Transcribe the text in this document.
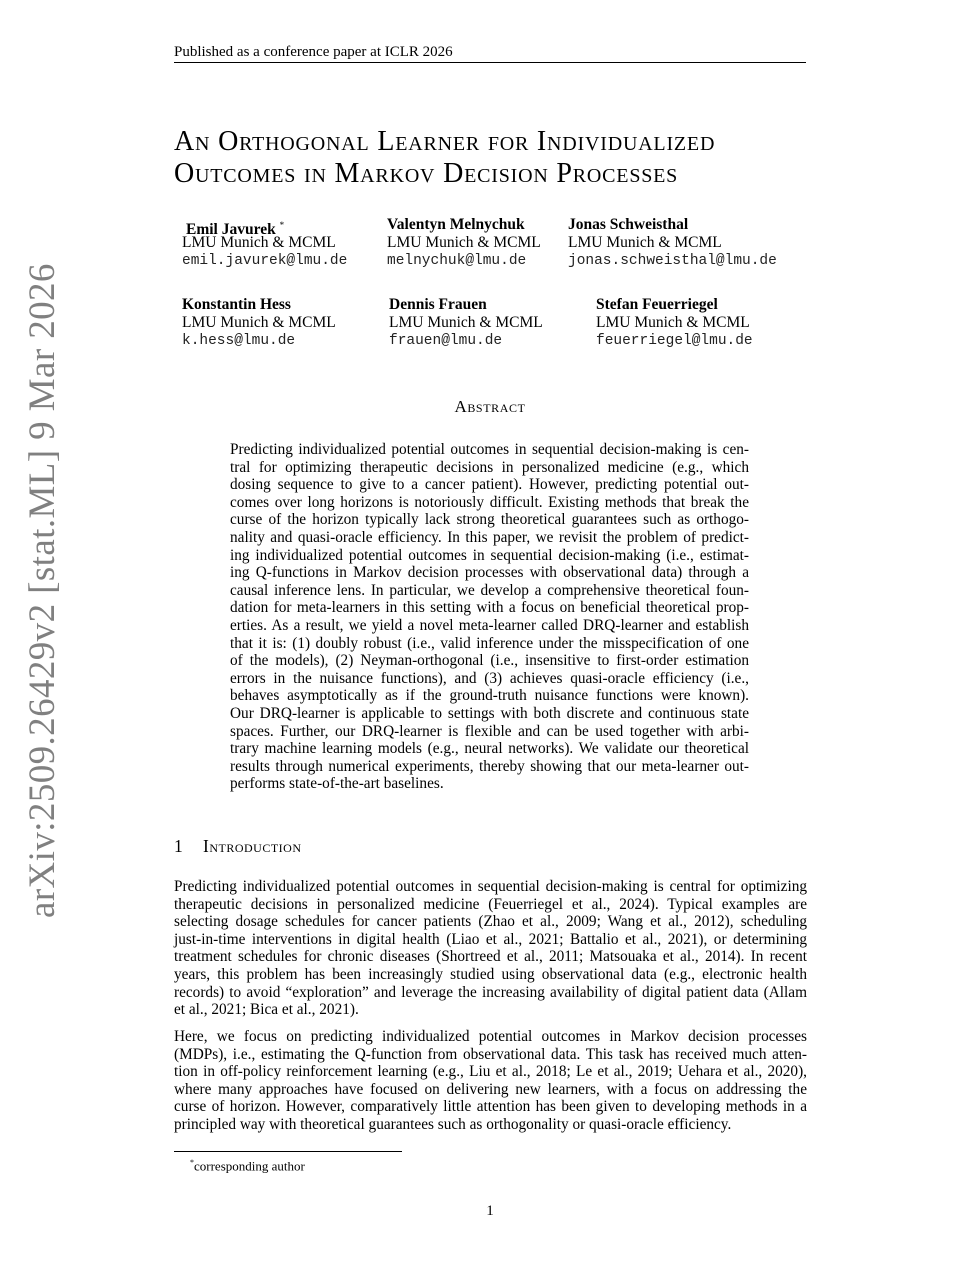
Published as a conference paper at ICLR 2026
arXiv:2509.26429v2 [stat.ML] 9 Mar 2026
An Orthogonal Learner for Individualized
Outcomes in Markov Decision Processes
Emil Javurek *
LMU Munich & MCML
emil.javurek@lmu.de
Valentyn Melnychuk
LMU Munich & MCML
melnychuk@lmu.de
Jonas Schweisthal
LMU Munich & MCML
jonas.schweisthal@lmu.de
Konstantin Hess
LMU Munich & MCML
k.hess@lmu.de
Dennis Frauen
LMU Munich & MCML
frauen@lmu.de
Stefan Feuerriegel
LMU Munich & MCML
feuerriegel@lmu.de
Abstract
Predicting individualized potential outcomes in sequential decision-making is cen-
tral for optimizing therapeutic decisions in personalized medicine (e.g., which
dosing sequence to give to a cancer patient). However, predicting potential out-
comes over long horizons is notoriously difficult. Existing methods that break the
curse of the horizon typically lack strong theoretical guarantees such as orthogo-
nality and quasi-oracle efficiency. In this paper, we revisit the problem of predict-
ing individualized potential outcomes in sequential decision-making (i.e., estimat-
ing Q-functions in Markov decision processes with observational data) through a
causal inference lens. In particular, we develop a comprehensive theoretical foun-
dation for meta-learners in this setting with a focus on beneficial theoretical prop-
erties. As a result, we yield a novel meta-learner called DRQ-learner and establish
that it is: (1) doubly robust (i.e., valid inference under the misspecification of one
of the models), (2) Neyman-orthogonal (i.e., insensitive to first-order estimation
errors in the nuisance functions), and (3) achieves quasi-oracle efficiency (i.e.,
behaves asymptotically as if the ground-truth nuisance functions were known).
Our DRQ-learner is applicable to settings with both discrete and continuous state
spaces. Further, our DRQ-learner is flexible and can be used together with arbi-
trary machine learning models (e.g., neural networks). We validate our theoretical
results through numerical experiments, thereby showing that our meta-learner out-
performs state-of-the-art baselines.
1 Introduction
Predicting individualized potential outcomes in sequential decision-making is central for optimizing
therapeutic decisions in personalized medicine (Feuerriegel et al., 2024). Typical examples are
selecting dosage schedules for cancer patients (Zhao et al., 2009; Wang et al., 2012), scheduling
just-in-time interventions in digital health (Liao et al., 2021; Battalio et al., 2021), or determining
treatment schedules for chronic diseases (Shortreed et al., 2011; Matsouaka et al., 2014). In recent
years, this problem has been increasingly studied using observational data (e.g., electronic health
records) to avoid “exploration” and leverage the increasing availability of digital patient data (Allam
et al., 2021; Bica et al., 2021).
Here, we focus on predicting individualized potential outcomes in Markov decision processes
(MDPs), i.e., estimating the Q-function from observational data. This task has received much atten-
tion in off-policy reinforcement learning (e.g., Liu et al., 2018; Le et al., 2019; Uehara et al., 2020),
where many approaches have focused on delivering new learners, with a focus on addressing the
curse of horizon. However, comparatively little attention has been given to developing methods in a
principled way with theoretical guarantees such as orthogonality or quasi-oracle efficiency.
*corresponding author
1
